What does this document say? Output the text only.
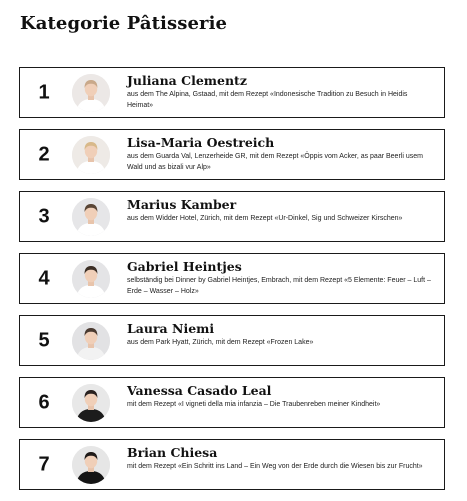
Kategorie Pâtisserie
1
Juliana Clementz
aus dem The Alpina, Gstaad, mit dem Rezept «Indonesische Tradition zu Besuch in Heidis Heimat»
2
Lisa-Maria Oestreich
aus dem Guarda Val, Lenzerheide GR, mit dem Rezept «Öppis vom Acker, as paar Beerli usem Wald und as bizali vur Alp»
3
Marius Kamber
aus dem Widder Hotel, Zürich, mit dem Rezept «Ur-Dinkel, Sig und Schweizer Kirschen»
4
Gabriel Heintjes
selbständig bei Dinner by Gabriel Heintjes, Embrach, mit dem Rezept «5 Elemente: Feuer – Luft – Erde – Wasser – Holz»
5
Laura Niemi
aus dem Park Hyatt, Zürich, mit dem Rezept «Frozen Lake»
6
Vanessa Casado Leal
mit dem Rezept «I vigneti della mia infanzia – Die Traubenreben meiner Kindheit»
7
Brian Chiesa
mit dem Rezept «Ein Schritt ins Land – Ein Weg von der Erde durch die Wiesen bis zur Frucht»
